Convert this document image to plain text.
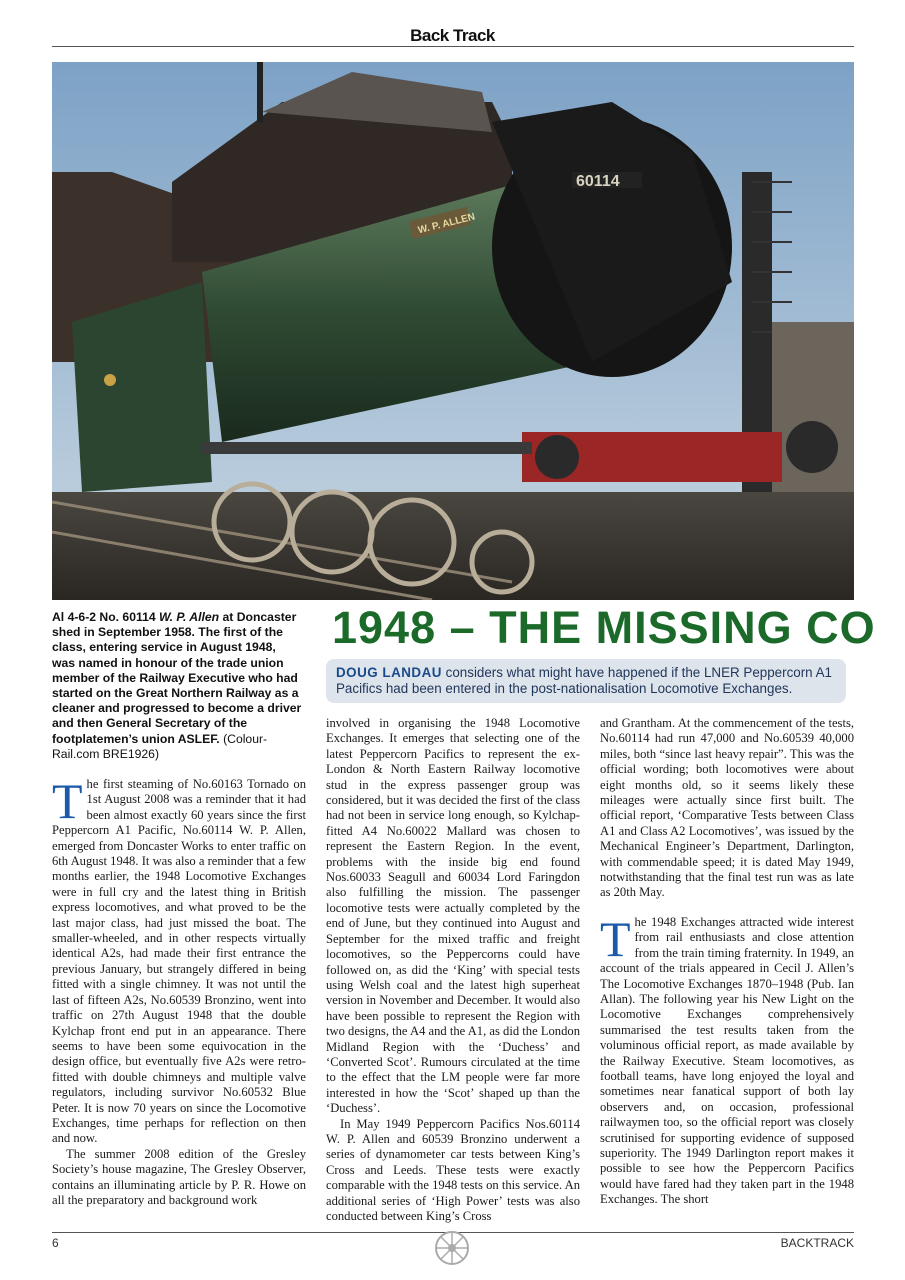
Back Track
60114
W. P. ALLEN
Al 4-6-2 No. 60114 W. P. Allen at Doncaster shed in September 1958. The first of the class, entering service in August 1948, was named in honour of the trade union member of the Railway Executive who had started on the Great Northern Railway as a cleaner and progressed to become a driver and then General Secretary of the footplatemen’s union ASLEF. (Colour-Rail.com BRE1926)
1948 – THE MISSING CO
DOUG LANDAU considers what might have happened if the LNER Peppercorn A1 Pacifics had been entered in the post-nationalisation Locomotive Exchanges.

The first steaming of No.60163 Tornado on 1st August 2008 was a reminder that it had been almost exactly 60 years since the first Peppercorn A1 Pacific, No.60114 W. P. Allen, emerged from Doncaster Works to enter traffic on 6th August 1948. It was also a reminder that a few months earlier, the 1948 Locomotive Exchanges were in full cry and the latest thing in British express locomotives, and what proved to be the last major class, had just missed the boat. The smaller-wheeled, and in other respects virtually identical A2s, had made their first entrance the previous January, but strangely differed in being fitted with a single chimney. It was not until the last of fifteen A2s, No.60539 Bronzino, went into traffic on 27th August 1948 that the double Kylchap front end put in an appearance. There seems to have been some equivocation in the design office, but eventually five A2s were retro-fitted with double chimneys and multiple valve regulators, including survivor No.60532 Blue Peter. It is now 70 years on since the Locomotive Exchanges, time perhaps for reflection on then and now.

The summer 2008 edition of the Gresley Society’s house magazine, The Gresley Observer, contains an illuminating article by P. R. Howe on all the preparatory and background work

involved in organising the 1948 Locomotive Exchanges. It emerges that selecting one of the latest Peppercorn Pacifics to represent the ex-London & North Eastern Railway locomotive stud in the express passenger group was considered, but it was decided the first of the class had not been in service long enough, so Kylchap-fitted A4 No.60022 Mallard was chosen to represent the Eastern Region. In the event, problems with the inside big end found Nos.60033 Seagull and 60034 Lord Faringdon also fulfilling the mission. The passenger locomotive tests were actually completed by the end of June, but they continued into August and September for the mixed traffic and freight locomotives, so the Peppercorns could have followed on, as did the ‘King’ with special tests using Welsh coal and the latest high superheat version in November and December. It would also have been possible to represent the Region with two designs, the A4 and the A1, as did the London Midland Region with the ‘Duchess’ and ‘Converted Scot’. Rumours circulated at the time to the effect that the LM people were far more interested in how the ‘Scot’ shaped up than the ‘Duchess’.

In May 1949 Peppercorn Pacifics Nos.60114 W. P. Allen and 60539 Bronzino underwent a series of dynamometer car tests between King’s Cross and Leeds. These tests were exactly comparable with the 1948 tests on this service. An additional series of ‘High Power’ tests was also conducted between King’s Cross

and Grantham. At the commencement of the tests, No.60114 had run 47,000 and No.60539 40,000 miles, both “since last heavy repair”. This was the official wording; both locomotives were about eight months old, so it seems likely these mileages were actually since first built. The official report, ‘Comparative Tests between Class A1 and Class A2 Locomotives’, was issued by the Mechanical Engineer’s Department, Darlington, with commendable speed; it is dated May 1949, notwithstanding that the final test run was as late as 20th May.

The 1948 Exchanges attracted wide interest from rail enthusiasts and close attention from the train timing fraternity. In 1949, an account of the trials appeared in Cecil J. Allen’s The Locomotive Exchanges 1870–1948 (Pub. Ian Allan). The following year his New Light on the Locomotive Exchanges comprehensively summarised the test results taken from the voluminous official report, as made available by the Railway Executive. Steam locomotives, as football teams, have long enjoyed the loyal and sometimes near fanatical support of both lay observers and, on occasion, professional railwaymen too, so the official report was closely scrutinised for supporting evidence of supposed superiority. The 1949 Darlington report makes it possible to see how the Peppercorn Pacifics would have fared had they taken part in the 1948 Exchanges. The short

6	BACKTRACK
